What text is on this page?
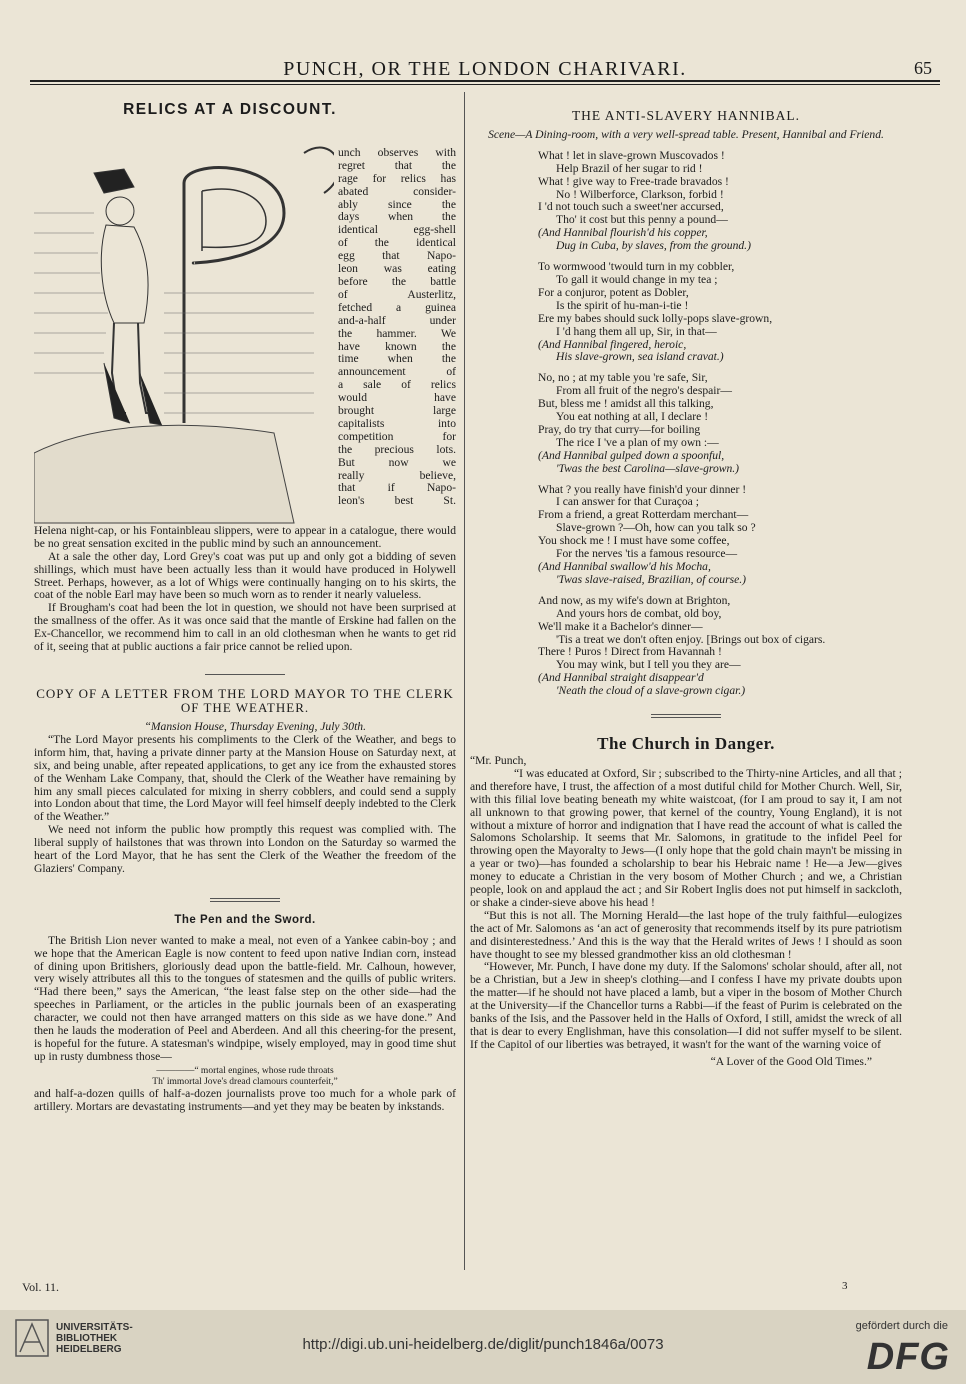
PUNCH, OR THE LONDON CHARIVARI.	65
RELICS AT A DISCOUNT.
unch observes with
regret that the
rage for relics has
abated consider-
ably since the
days when the
identical egg-shell
of the identical
egg that Napo-
leon was eating
before the battle
of Austerlitz,
fetched a guinea
and-a-half under
the hammer. We
have known the
time when the
announcement of
a sale of relics
would have
brought large
capitalists into
competition for
the precious lots.
But now we
really believe,
that if Napo-
leon's best St.

Helena night-cap, or his Fontainbleau slippers, were to appear in a catalogue, there would be no great sensation excited in the public mind by such an announcement.

At a sale the other day, Lord Grey's coat was put up and only got a bidding of seven shillings, which must have been actually less than it would have produced in Holywell Street. Perhaps, however, as a lot of Whigs were continually hanging on to his skirts, the coat of the noble Earl may have been so much worn as to render it nearly valueless.

If Brougham's coat had been the lot in question, we should not have been surprised at the smallness of the offer. As it was once said that the mantle of Erskine had fallen on the Ex-Chancellor, we recommend him to call in an old clothesman when he wants to get rid of it, seeing that at public auctions a fair price cannot be relied upon.

COPY OF A LETTER FROM THE LORD MAYOR TO THE CLERK OF THE WEATHER.

“Mansion House, Thursday Evening, July 30th.

“The Lord Mayor presents his compliments to the Clerk of the Weather, and begs to inform him, that, having a private dinner party at the Mansion House on Saturday next, at six, and being unable, after repeated applications, to get any ice from the exhausted stores of the Wenham Lake Company, that, should the Clerk of the Weather have remaining by him any small pieces calculated for mixing in sherry cobblers, and could send a supply into London about that time, the Lord Mayor will feel himself deeply indebted to the Clerk of the Weather.”

We need not inform the public how promptly this request was complied with. The liberal supply of hailstones that was thrown into London on the Saturday so warmed the heart of the Lord Mayor, that he has sent the Clerk of the Weather the freedom of the Glaziers' Company.

The Pen and the Sword.

The British Lion never wanted to make a meal, not even of a Yankee cabin-boy ; and we hope that the American Eagle is now content to feed upon native Indian corn, instead of dining upon Britishers, gloriously dead upon the battle-field. Mr. Calhoun, however, very wisely attributes all this to the tongues of statesmen and the quills of public writers. “Had there been,” says the American, “the least false step on the other side—had the speeches in Parliament, or the articles in the public journals been of an exasperating character, we could not then have arranged matters on this side as we have done.” And then he lauds the moderation of Peel and Aberdeen. And all this cheering-for the present, is hopeful for the future. A statesman's windpipe, wisely employed, may in good time shut up in rusty dumbness those—

————“ mortal engines, whose rude throats

Th' immortal Jove's dread clamours counterfeit,”

and half-a-dozen quills of half-a-dozen journalists prove too much for a whole park of artillery. Mortars are devastating instruments—and yet they may be beaten by inkstands.

THE ANTI-SLAVERY HANNIBAL.

Scene—A Dining-room, with a very well-spread table. Present, Hannibal and Friend.

What ! let in slave-grown Muscovados !

Help Brazil of her sugar to rid !

What ! give way to Free-trade bravados !

No ! Wilberforce, Clarkson, forbid !

I 'd not touch such a sweet'ner accursed,

Tho' it cost but this penny a pound—

(And Hannibal flourish'd his copper,

Dug in Cuba, by slaves, from the ground.)

To wormwood 'twould turn in my cobbler,

To gall it would change in my tea ;

For a conjuror, potent as Dobler,

Is the spirit of hu-man-i-tie !

Ere my babes should suck lolly-pops slave-grown,

I 'd hang them all up, Sir, in that—

(And Hannibal fingered, heroic,

His slave-grown, sea island cravat.)

No, no ; at my table you 're safe, Sir,

From all fruit of the negro's despair—

But, bless me ! amidst all this talking,

You eat nothing at all, I declare !

Pray, do try that curry—for boiling

The rice I 've a plan of my own :—

(And Hannibal gulped down a spoonful,

'Twas the best Carolina—slave-grown.)

What ? you really have finish'd your dinner !

I can answer for that Curaçoa ;

From a friend, a great Rotterdam merchant—

Slave-grown ?—Oh, how can you talk so ?

You shock me ! I must have some coffee,

For the nerves 'tis a famous resource—

(And Hannibal swallow'd his Mocha,

'Twas slave-raised, Brazilian, of course.)

And now, as my wife's down at Brighton,

And yours hors de combat, old boy,

We'll make it a Bachelor's dinner—

'Tis a treat we don't often enjoy. [Brings out box of cigars.

There ! Puros ! Direct from Havannah !

You may wink, but I tell you they are—

(And Hannibal straight disappear'd

'Neath the cloud of a slave-grown cigar.)

The Church in Danger.

“Mr. Punch,

“I was educated at Oxford, Sir ; subscribed to the Thirty-nine Articles, and all that ; and therefore have, I trust, the affection of a most dutiful child for Mother Church. Well, Sir, with this filial love beating beneath my white waistcoat, (for I am proud to say it, I am not all unknown to that growing power, that kernel of the country, Young England), it is not without a mixture of horror and indignation that I have read the account of what is called the Salomons Scholarship. It seems that Mr. Salomons, in gratitude to the infidel Peel for throwing open the Mayoralty to Jews—(I only hope that the gold chain mayn't be missing in a year or two)—has founded a scholarship to bear his Hebraic name ! He—a Jew—gives money to educate a Christian in the very bosom of Mother Church ; and we, a Christian people, look on and applaud the act ; and Sir Robert Inglis does not put himself in sackcloth, or shake a cinder-sieve above his head !

“But this is not all. The Morning Herald—the last hope of the truly faithful—eulogizes the act of Mr. Salomons as ‘an act of generosity that recommends itself by its pure patriotism and disinterestedness.’ And this is the way that the Herald writes of Jews ! I should as soon have thought to see my blessed grandmother kiss an old clothesman !

“However, Mr. Punch, I have done my duty. If the Salomons' scholar should, after all, not be a Christian, but a Jew in sheep's clothing—and I confess I have my private doubts upon the matter—if he should not have placed a lamb, but a viper in the bosom of Mother Church at the University—if the Chancellor turns a Rabbi—if the feast of Purim is celebrated on the banks of the Isis, and the Passover held in the Halls of Oxford, I still, amidst the wreck of all that is dear to every Englishman, have this consolation—I did not suffer myself to be silent. If the Capitol of our liberties was betrayed, it wasn't for the want of the warning voice of

“A Lover of the Good Old Times.”

Vol. 11.	3
UNIVERSITÄTS-
BIBLIOTHEK
HEIDELBERG	http://digi.ub.uni-heidelberg.de/diglit/punch1846a/0073
gefördert durch die
DFG
